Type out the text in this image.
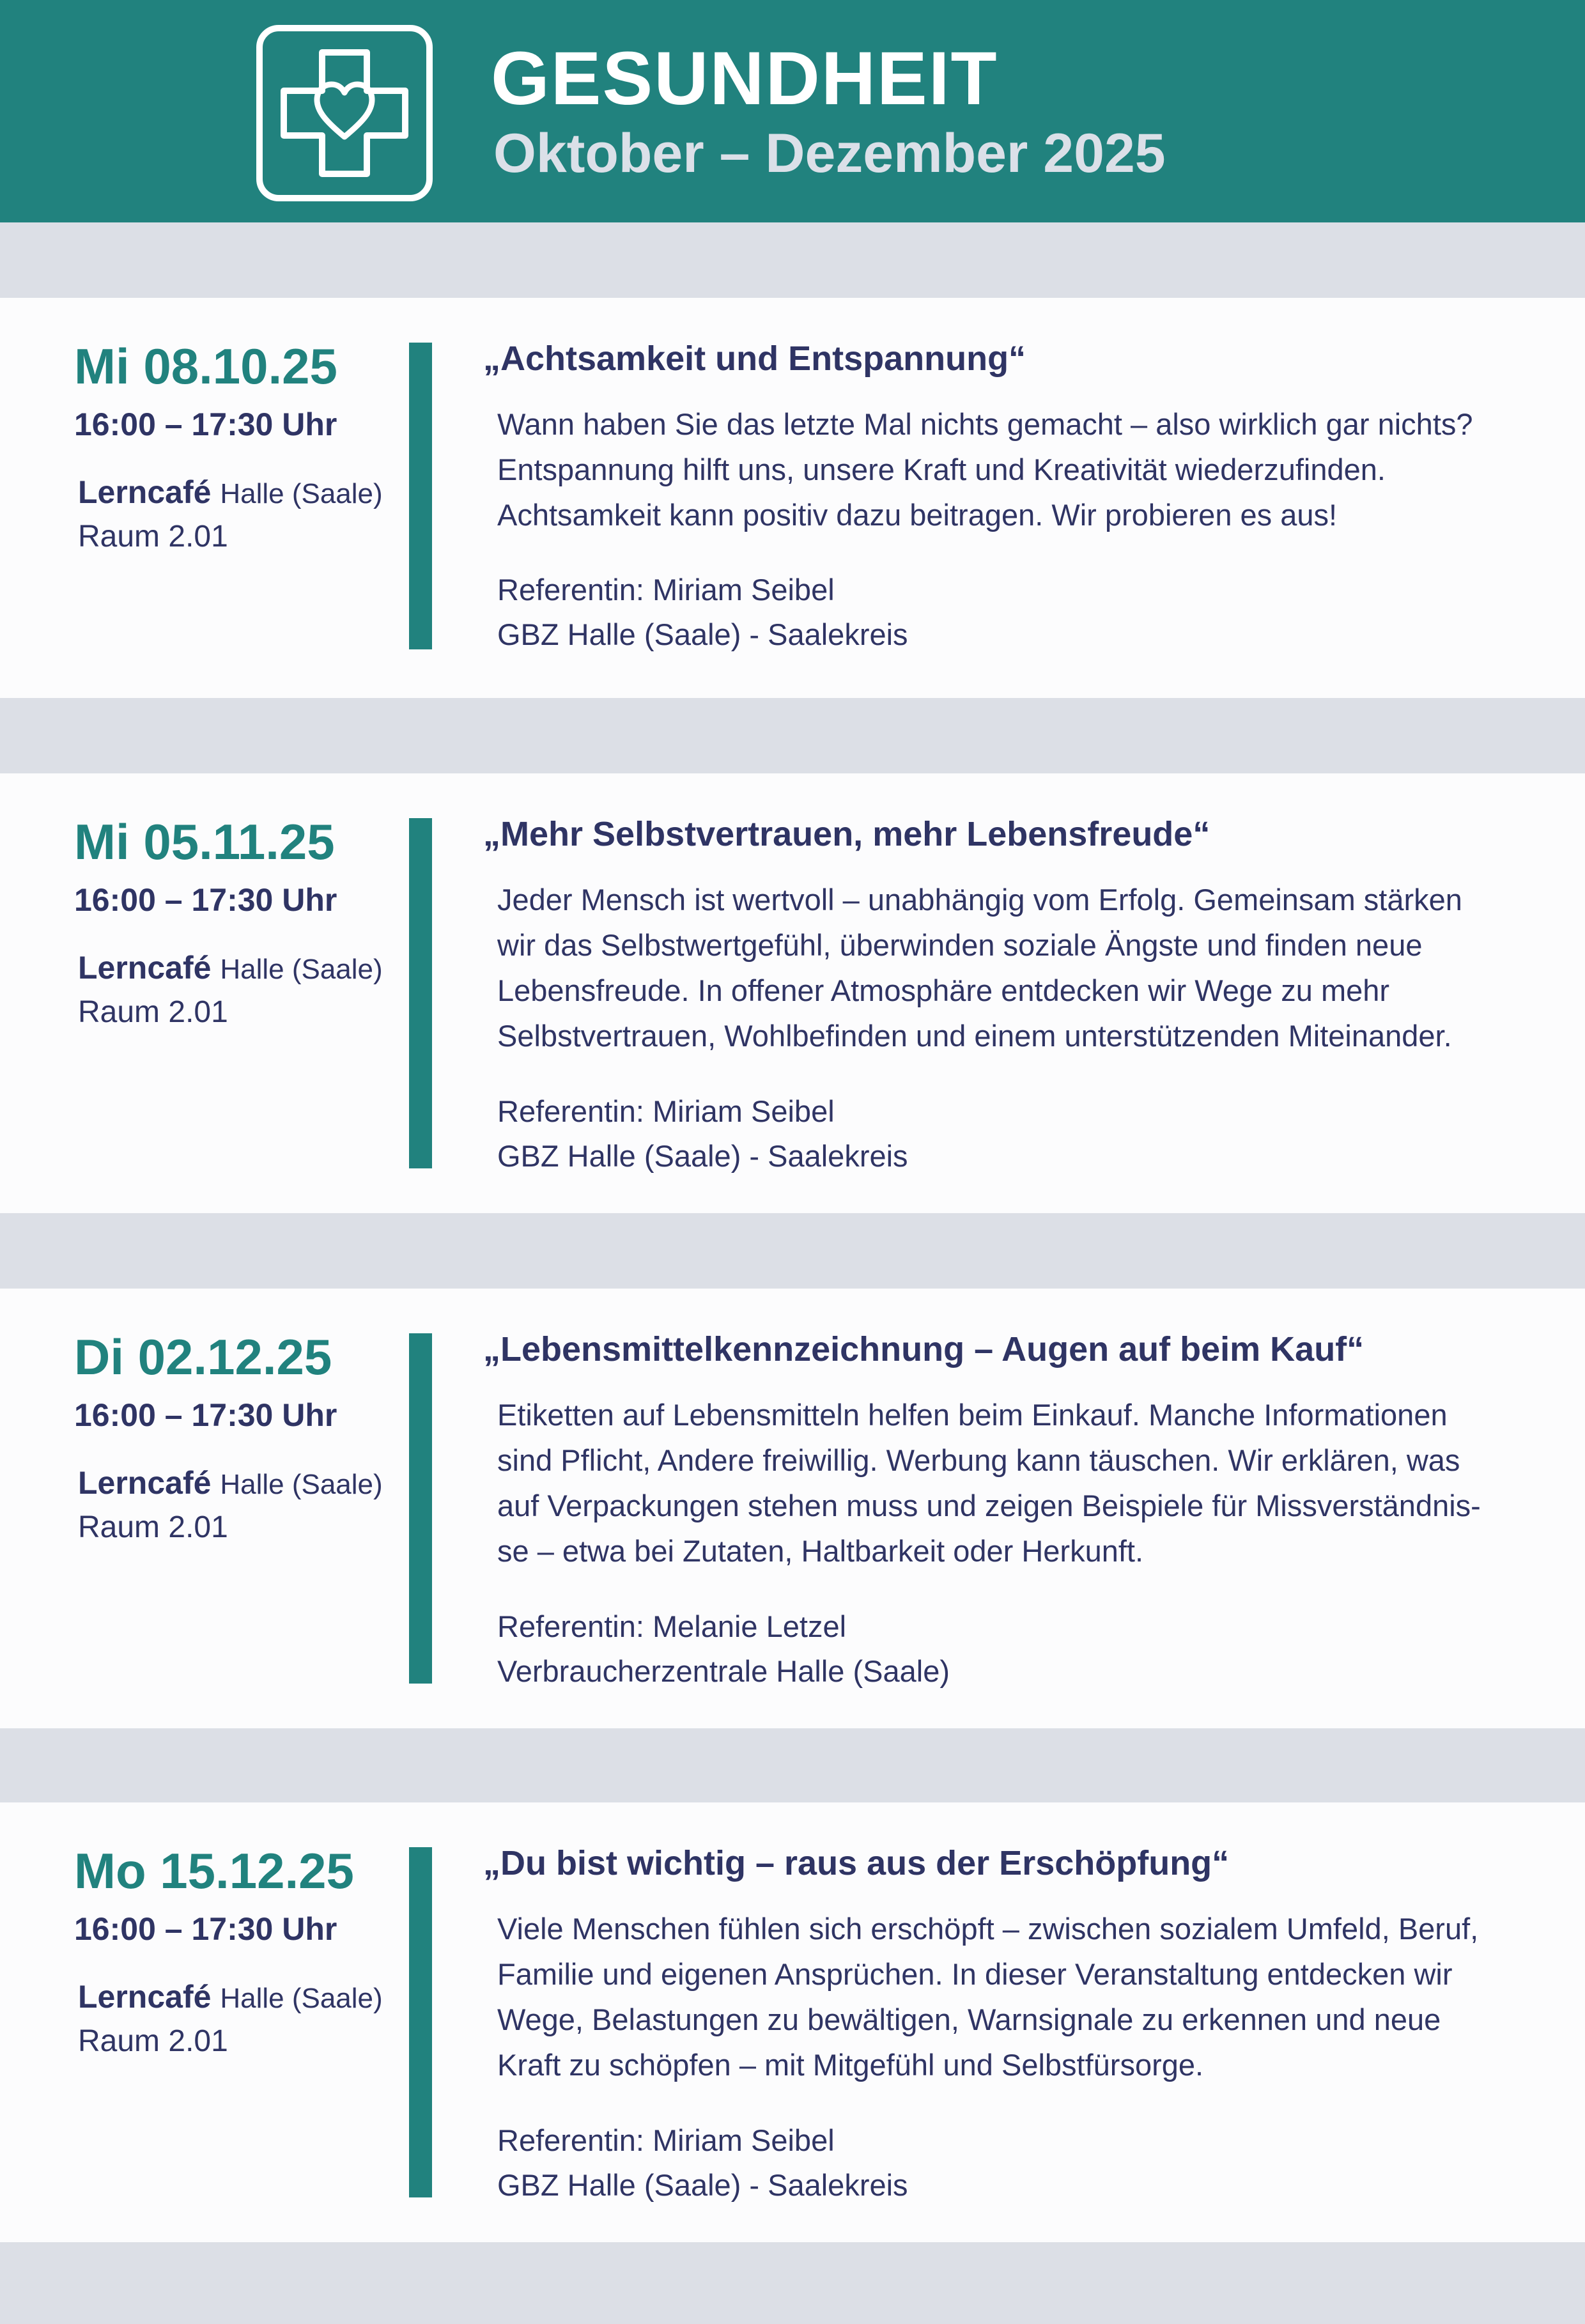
GESUNDHEIT
Oktober – Dezember 2025
Mi 08.10.25
16:00 – 17:30 Uhr
Lerncafé Halle (Saale)
Raum 2.01
„Achtsamkeit und Entspannung“
Wann haben Sie das letzte Mal nichts gemacht – also wirklich gar nichts?
Entspannung hilft uns, unsere Kraft und Kreativität wiederzufinden.
Achtsamkeit kann positiv dazu beitragen. Wir probieren es aus!
Referentin: Miriam Seibel
GBZ Halle (Saale) - Saalekreis
Mi 05.11.25
16:00 – 17:30 Uhr
Lerncafé Halle (Saale)
Raum 2.01
„Mehr Selbstvertrauen, mehr Lebensfreude“
Jeder Mensch ist wertvoll – unabhängig vom Erfolg. Gemeinsam stärken
wir das Selbstwertgefühl, überwinden soziale Ängste und finden neue
Lebensfreude. In offener Atmosphäre entdecken wir Wege zu mehr
Selbstvertrauen, Wohlbefinden und einem unterstützenden Miteinander.
Referentin: Miriam Seibel
GBZ Halle (Saale) - Saalekreis
Di 02.12.25
16:00 – 17:30 Uhr
Lerncafé Halle (Saale)
Raum 2.01
„Lebensmittelkennzeichnung – Augen auf beim Kauf“
Etiketten auf Lebensmitteln helfen beim Einkauf. Manche Informationen
sind Pflicht, Andere freiwillig. Werbung kann täuschen. Wir erklären, was
auf Verpackungen stehen muss und zeigen Beispiele für Missverständnis-
se – etwa bei Zutaten, Haltbarkeit oder Herkunft.
Referentin: Melanie Letzel
Verbraucherzentrale Halle (Saale)
Mo 15.12.25
16:00 – 17:30 Uhr
Lerncafé Halle (Saale)
Raum 2.01
„Du bist wichtig – raus aus der Erschöpfung“
Viele Menschen fühlen sich erschöpft – zwischen sozialem Umfeld, Beruf,
Familie und eigenen Ansprüchen. In dieser Veranstaltung entdecken wir
Wege, Belastungen zu bewältigen, Warnsignale zu erkennen und neue
Kraft zu schöpfen – mit Mitgefühl und Selbstfürsorge.
Referentin: Miriam Seibel
GBZ Halle (Saale) - Saalekreis
